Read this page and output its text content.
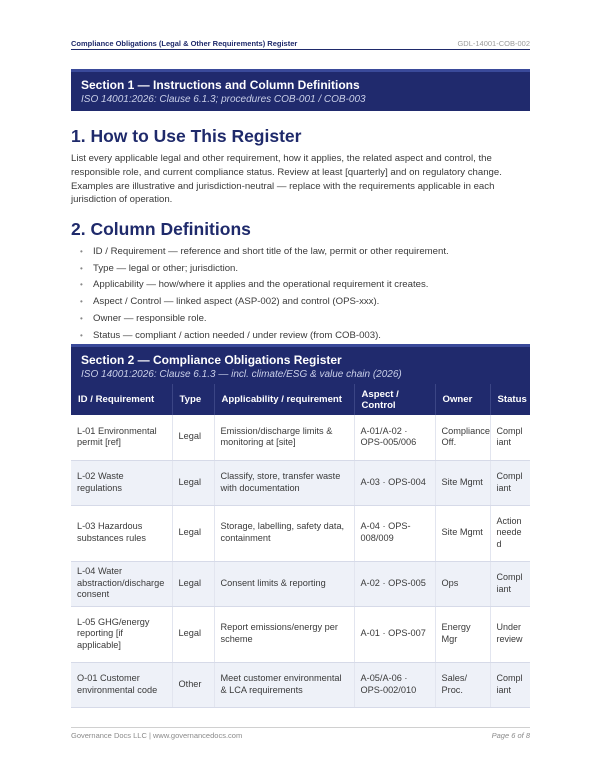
Compliance Obligations (Legal & Other Requirements) Register	GDL-14001-COB-002
Section 1 — Instructions and Column Definitions
ISO 14001:2026: Clause 6.1.3; procedures COB-001 / COB-003
1. How to Use This Register

List every applicable legal and other requirement, how it applies, the related aspect and control, the responsible role, and current compliance status. Review at least [quarterly] and on regulatory change. Examples are illustrative and jurisdiction-neutral — replace with the requirements applicable in each jurisdiction of operation.

2. Column Definitions
• ID / Requirement — reference and short title of the law, permit or other requirement.
• Type — legal or other; jurisdiction.
• Applicability — how/where it applies and the operational requirement it creates.
• Aspect / Control — linked aspect (ASP-002) and control (OPS-xxx).
• Owner — responsible role.
• Status — compliant / action needed / under review (from COB-003).
Section 2 — Compliance Obligations Register
ISO 14001:2026: Clause 6.1.3 — incl. climate/ESG & value chain (2026)
ID / Requirement	Type	Applicability / requirement	Aspect / Control	Owner	Status
L-01 Environmental permit [ref]	Legal	Emission/discharge limits & monitoring at [site]	A-01/A-02 · OPS-005/006	Compliance Off.	Compliant
L-02 Waste regulations	Legal	Classify, store, transfer waste with documentation	A-03 · OPS-004	Site Mgmt	Compliant
L-03 Hazardous substances rules	Legal	Storage, labelling, safety data, containment	A-04 · OPS-008/009	Site Mgmt	Action needed
L-04 Water abstraction/discharge consent	Legal	Consent limits & reporting	A-02 · OPS-005	Ops	Compliant
L-05 GHG/energy reporting [if applicable]	Legal	Report emissions/energy per scheme	A-01 · OPS-007	Energy Mgr	Under review
O-01 Customer environmental code	Other	Meet customer environmental & LCA requirements	A-05/A-06 · OPS-002/010	Sales/ Proc.	Compliant
Governance Docs LLC | www.governancedocs.com	Page 6 of 8
